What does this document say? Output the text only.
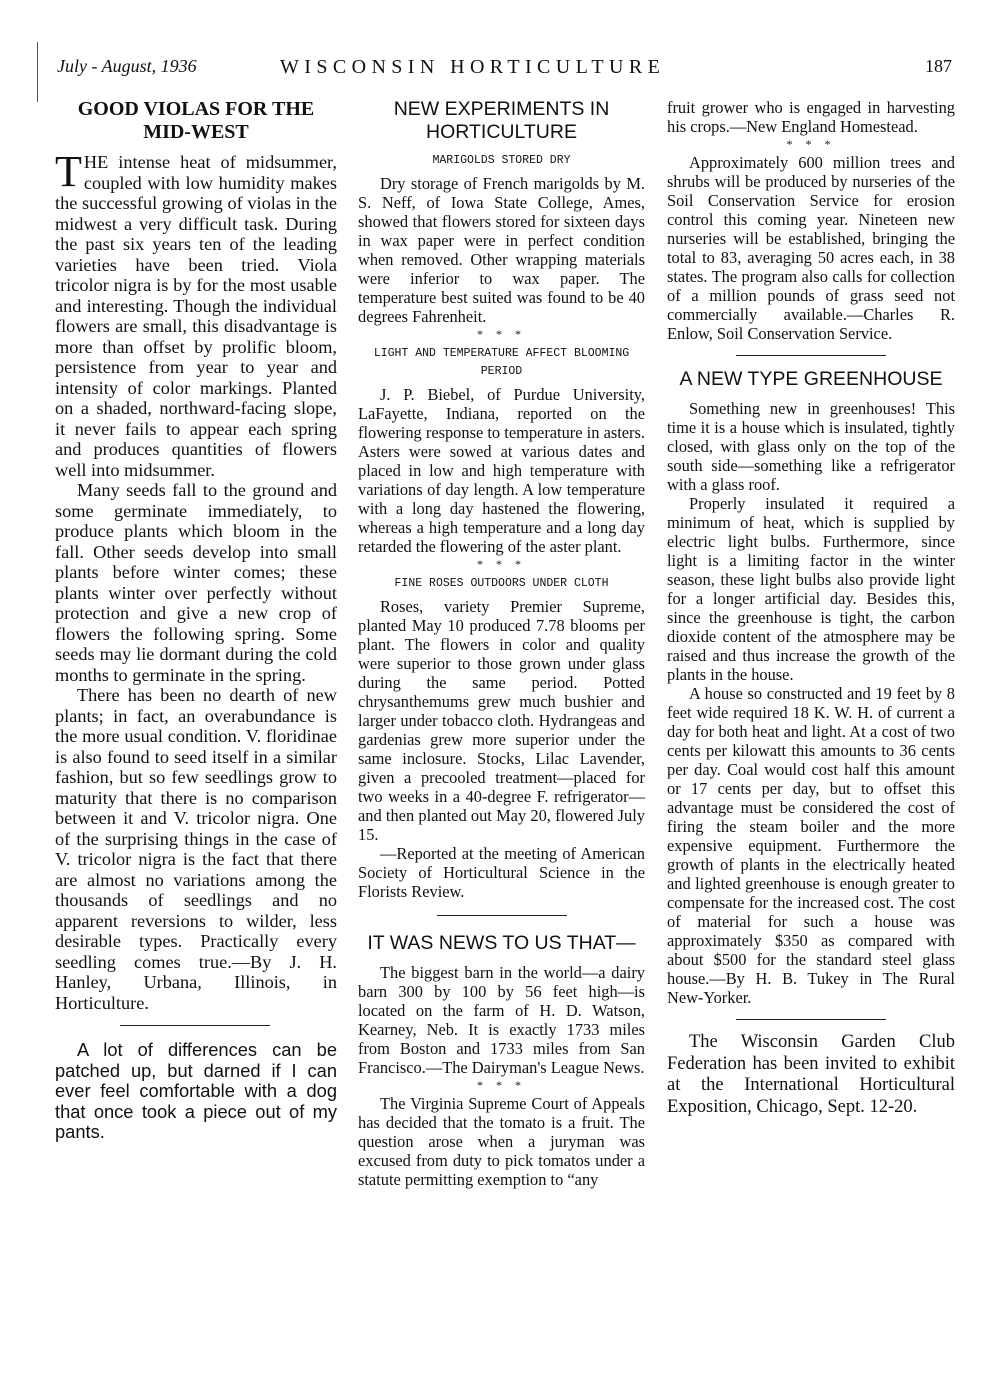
July - August, 1936	WISCONSIN HORTICULTURE	187
GOOD VIOLAS FOR THE MID-WEST

THE intense heat of midsummer, coupled with low humidity makes the successful growing of violas in the midwest a very difficult task. During the past six years ten of the leading varieties have been tried. Viola tricolor nigra is by for the most usable and interesting. Though the individual flowers are small, this disadvantage is more than offset by prolific bloom, persistence from year to year and intensity of color markings. Planted on a shaded, northward-facing slope, it never fails to appear each spring and produces quantities of flowers well into midsummer.

Many seeds fall to the ground and some germinate immediately, to produce plants which bloom in the fall. Other seeds develop into small plants before winter comes; these plants winter over perfectly without protection and give a new crop of flowers the following spring. Some seeds may lie dormant during the cold months to germinate in the spring.

There has been no dearth of new plants; in fact, an overabundance is the more usual condition. V. floridinae is also found to seed itself in a similar fashion, but so few seedlings grow to maturity that there is no comparison between it and V. tricolor nigra. One of the surprising things in the case of V. tricolor nigra is the fact that there are almost no variations among the thousands of seedlings and no apparent reversions to wilder, less desirable types. Practically every seedling comes true.—By J. H. Hanley, Urbana, Illinois, in Horticulture.

A lot of differences can be patched up, but darned if I can ever feel comfortable with a dog that once took a piece out of my pants.

NEW EXPERIMENTS IN HORTICULTURE
MARIGOLDS STORED DRY

Dry storage of French marigolds by M. S. Neff, of Iowa State College, Ames, showed that flowers stored for sixteen days in wax paper were in perfect condition when removed. Other wrapping materials were inferior to wax paper. The temperature best suited was found to be 40 degrees Fahrenheit.

* * *
LIGHT AND TEMPERATURE AFFECT BLOOMING PERIOD

J. P. Biebel, of Purdue University, LaFayette, Indiana, reported on the flowering response to temperature in asters. Asters were sowed at various dates and placed in low and high temperature with variations of day length. A low temperature with a long day hastened the flowering, whereas a high temperature and a long day retarded the flowering of the aster plant.

* * *
FINE ROSES OUTDOORS UNDER CLOTH

Roses, variety Premier Supreme, planted May 10 produced 7.78 blooms per plant. The flowers in color and quality were superior to those grown under glass during the same period. Potted chrysanthemums grew much bushier and larger under tobacco cloth. Hydrangeas and gardenias grew more superior under the same inclosure. Stocks, Lilac Lavender, given a precooled treatment—placed for two weeks in a 40-degree F. refrigerator—and then planted out May 20, flowered July 15.

—Reported at the meeting of American Society of Horticultural Science in the Florists Review.

IT WAS NEWS TO US THAT—

The biggest barn in the world—a dairy barn 300 by 100 by 56 feet high—is located on the farm of H. D. Watson, Kearney, Neb. It is exactly 1733 miles from Boston and 1733 miles from San Francisco.—The Dairyman's League News.

* * *

The Virginia Supreme Court of Appeals has decided that the tomato is a fruit. The question arose when a juryman was excused from duty to pick tomatos under a statute permitting exemption to “any

fruit grower who is engaged in harvesting his crops.—New England Homestead.

* * *

Approximately 600 million trees and shrubs will be produced by nurseries of the Soil Conservation Service for erosion control this coming year. Nineteen new nurseries will be established, bringing the total to 83, averaging 50 acres each, in 38 states. The program also calls for collection of a million pounds of grass seed not commercially available.—Charles R. Enlow, Soil Conservation Service.

A NEW TYPE GREENHOUSE

Something new in greenhouses! This time it is a house which is insulated, tightly closed, with glass only on the top of the south side—something like a refrigerator with a glass roof.

Properly insulated it required a minimum of heat, which is supplied by electric light bulbs. Furthermore, since light is a limiting factor in the winter season, these light bulbs also provide light for a longer artificial day. Besides this, since the greenhouse is tight, the carbon dioxide content of the atmosphere may be raised and thus increase the growth of the plants in the house.

A house so constructed and 19 feet by 8 feet wide required 18 K. W. H. of current a day for both heat and light. At a cost of two cents per kilowatt this amounts to 36 cents per day. Coal would cost half this amount or 17 cents per day, but to offset this advantage must be considered the cost of firing the steam boiler and the more expensive equipment. Furthermore the growth of plants in the electrically heated and lighted greenhouse is enough greater to compensate for the increased cost. The cost of material for such a house was approximately $350 as compared with about $500 for the standard steel glass house.—By H. B. Tukey in The Rural New-Yorker.

The Wisconsin Garden Club Federation has been invited to exhibit at the International Horticultural Exposition, Chicago, Sept. 12-20.
